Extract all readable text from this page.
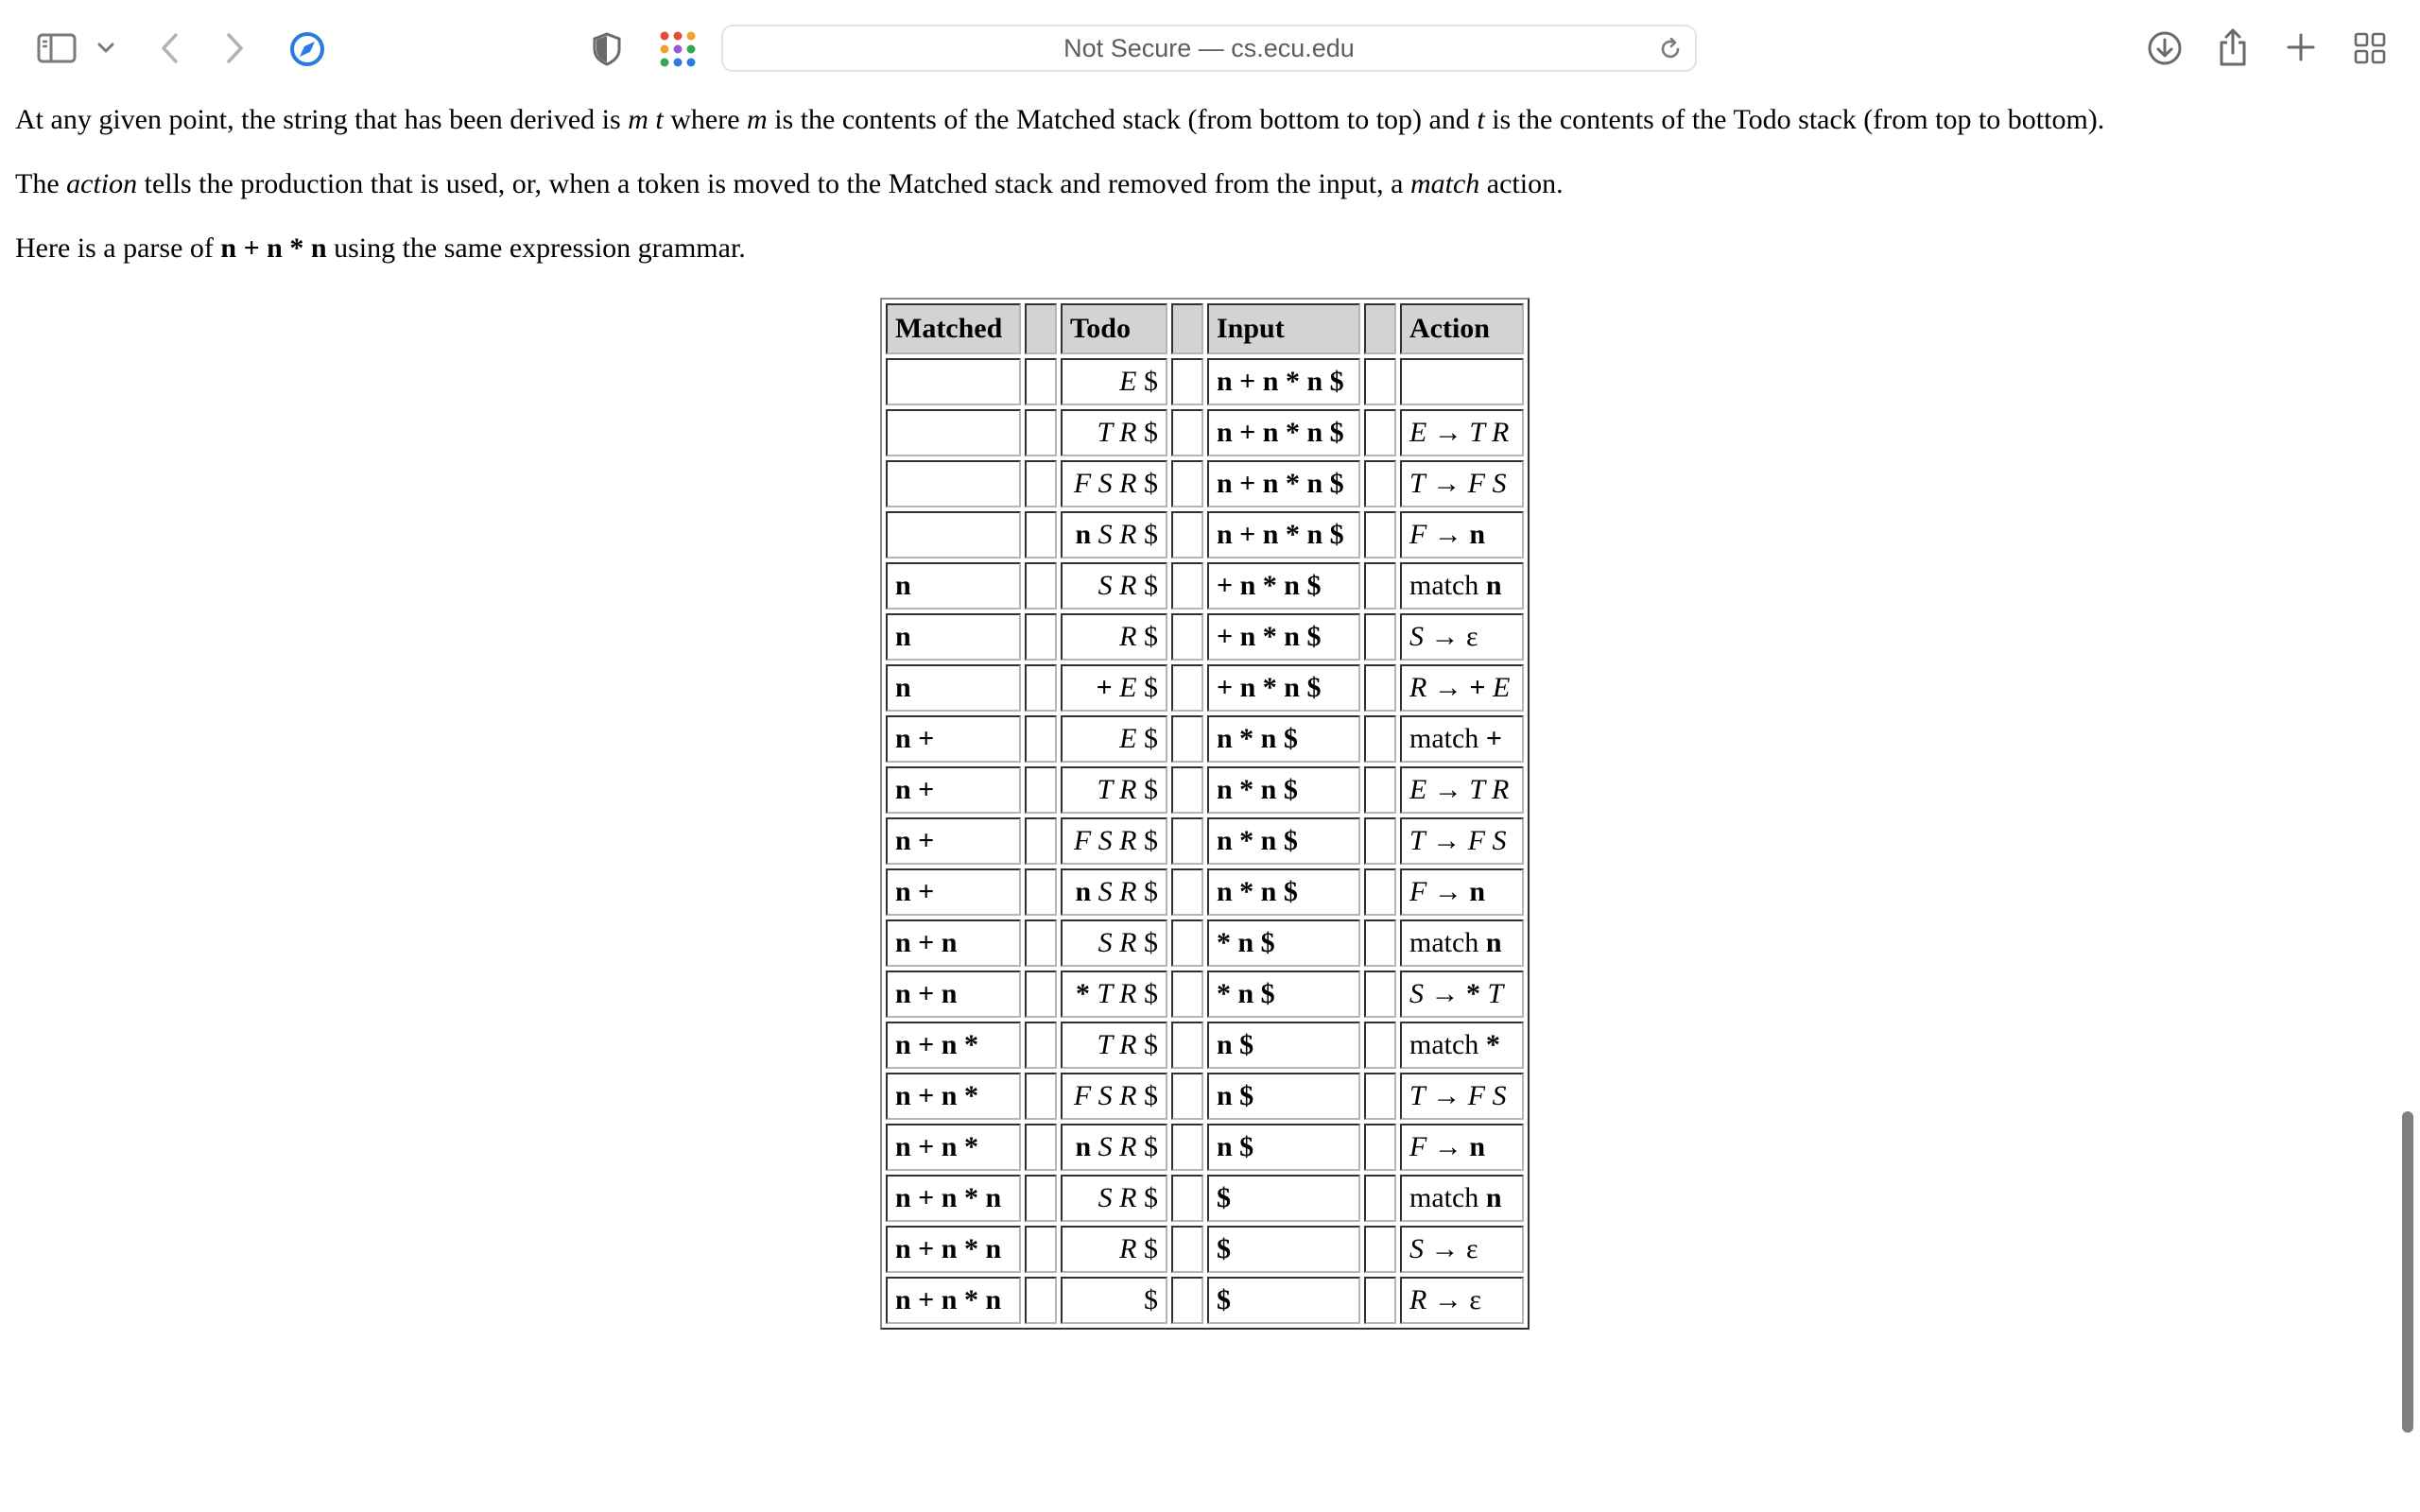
Not Secure — cs.ecu.edu

At any given point, the string that has been derived is m t where m is the contents of the Matched stack (from bottom to top) and t is the contents of the Todo stack (from top to bottom).

The action tells the production that is used, or, when a token is moved to the Matched stack and removed from the input, a match action.

Here is a parse of n + n * n using the same expression grammar.

Matched		Todo		Input		Action
		E $		n + n * n $		
		T R $		n + n * n $		E → T R
		F S R $		n + n * n $		T → F S
		n S R $		n + n * n $		F → n
n		S R $		+ n * n $		match n
n		R $		+ n * n $		S → ε
n		+ E $		+ n * n $		R → + E
n +		E $		n * n $		match +
n +		T R $		n * n $		E → T R
n +		F S R $		n * n $		T → F S
n +		n S R $		n * n $		F → n
n + n		S R $		* n $		match n
n + n		* T R $		* n $		S → * T
n + n *		T R $		n $		match *
n + n *		F S R $		n $		T → F S
n + n *		n S R $		n $		F → n
n + n * n		S R $		$		match n
n + n * n		R $		$		S → ε
n + n * n		$		$		R → ε
